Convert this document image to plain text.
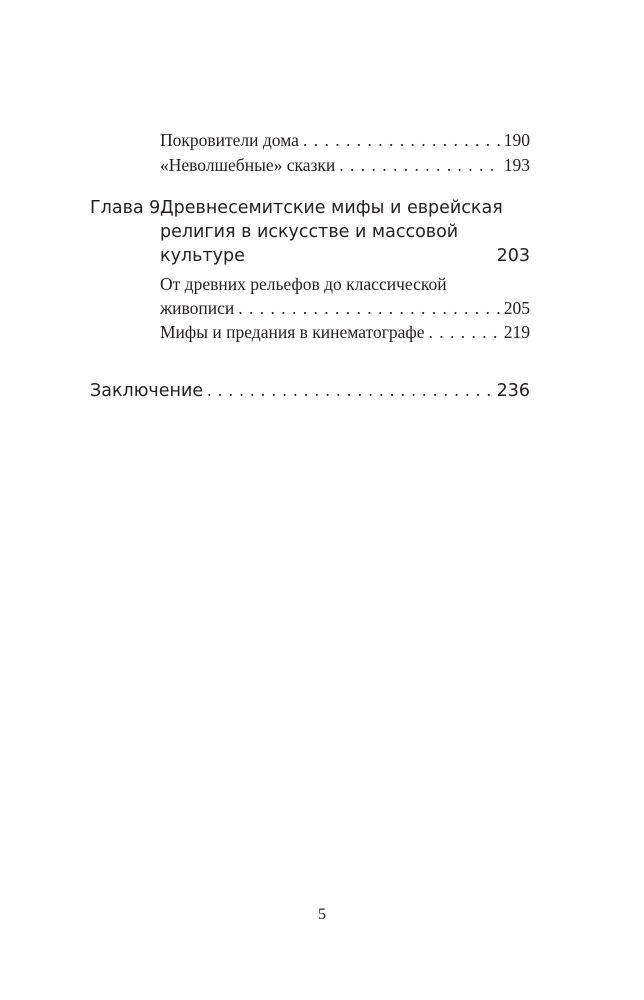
Покровители дома . . .	190
«Неволшебные» сказки . . .	193
Глава 9.
Древнесемитские мифы и еврейская
религия в искусстве и массовой
культуре	203
От древних рельефов до классической
живописи . . .	205
Мифы и предания в кинематографе . . .	219
Заключение . . .	236
5
